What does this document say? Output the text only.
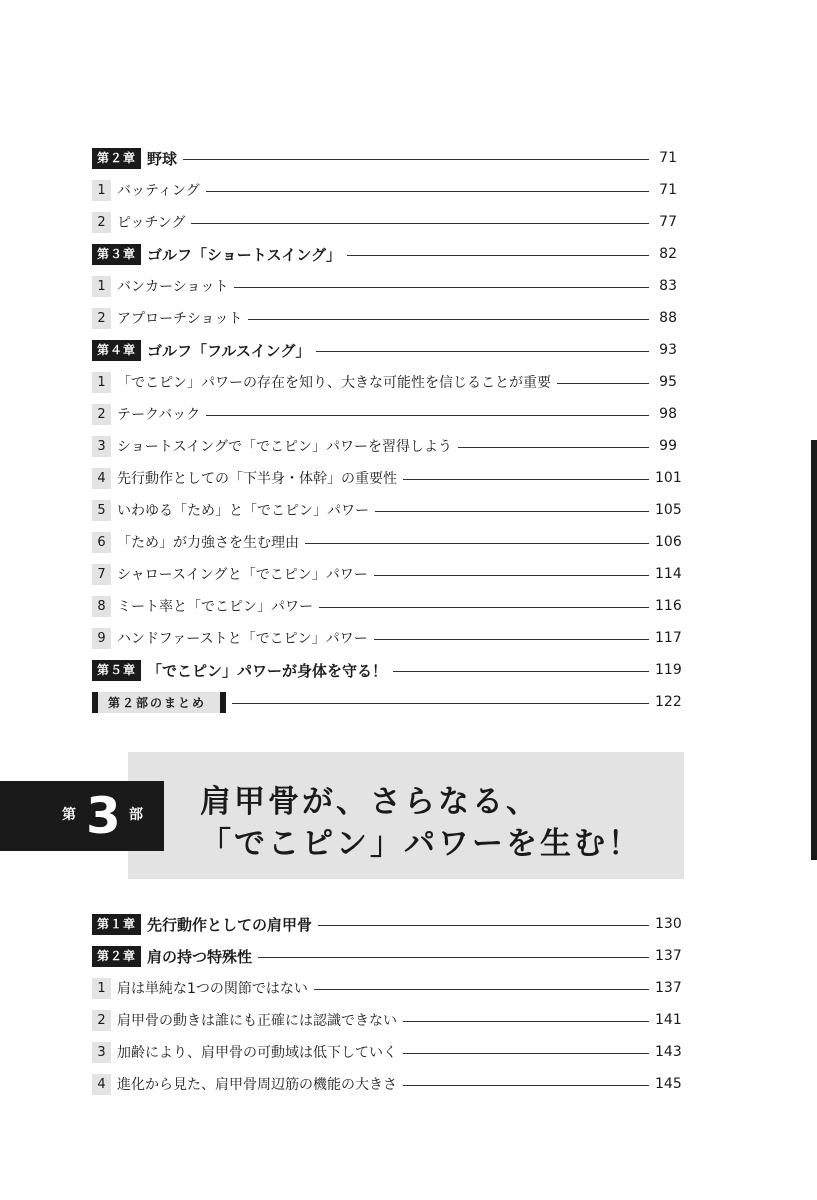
第２章 野球	71
1 バッティング	71
2 ピッチング	77
第３章 ゴルフ「ショートスイング」	82
1 バンカーショット	83
2 アプローチショット	88
第４章 ゴルフ「フルスイング」	93
1 「でこピン」パワーの存在を知り、大きな可能性を信じることが重要	95
2 テークバック	98
3 ショートスイングで「でこピン」パワーを習得しよう	99
4 先行動作としての「下半身・体幹」の重要性	101
5 いわゆる「ため」と「でこピン」パワー	105
6 「ため」が力強さを生む理由	106
7 シャロースイングと「でこピン」パワー	114
8 ミート率と「でこピン」パワー	116
9 ハンドファーストと「でこピン」パワー	117
第５章 「でこピン」パワーが身体を守る！	119
第２部のまとめ	122
第 3 部 肩甲骨が、さらなる、
「でこピン」パワーを生む！
第１章 先行動作としての肩甲骨	130
第２章 肩の持つ特殊性	137
1 肩は単純な1つの関節ではない	137
2 肩甲骨の動きは誰にも正確には認識できない	141
3 加齢により、肩甲骨の可動域は低下していく	143
4 進化から見た、肩甲骨周辺筋の機能の大きさ	145
